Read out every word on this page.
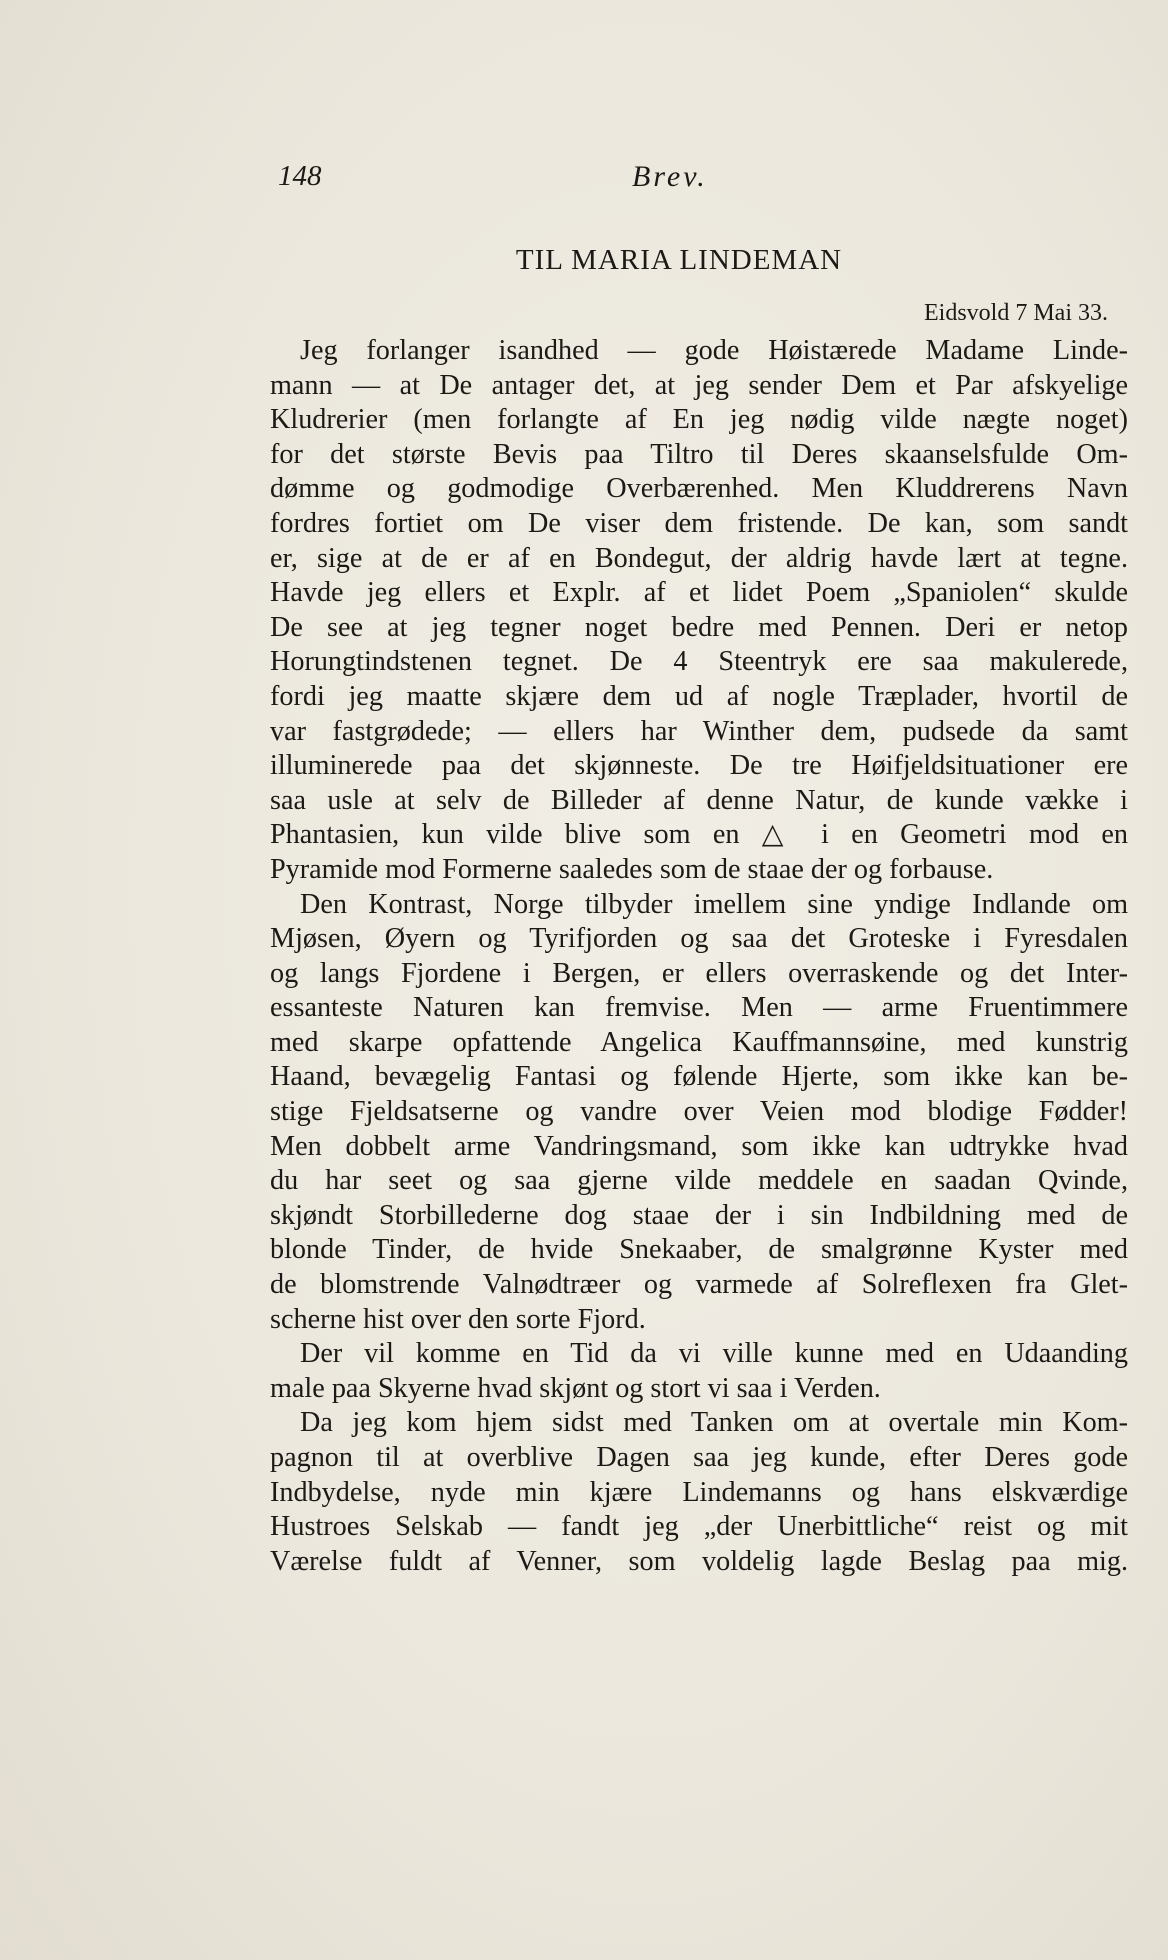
148	Brev.
TIL MARIA LINDEMAN
Eidsvold 7 Mai 33.
Jeg forlanger isandhed — gode Høistærede Madame Linde-
mann — at De antager det, at jeg sender Dem et Par afskyelige
Kludrerier (men forlangte af En jeg nødig vilde nægte noget)
for det største Bevis paa Tiltro til Deres skaanselsfulde Om-
dømme og godmodige Overbærenhed. Men Kluddrerens Navn
fordres fortiet om De viser dem fristende. De kan, som sandt
er, sige at de er af en Bondegut, der aldrig havde lært at tegne.
Havde jeg ellers et Explr. af et lidet Poem „Spaniolen“ skulde
De see at jeg tegner noget bedre med Pennen. Deri er netop
Horungtindstenen tegnet. De 4 Steentryk ere saa makulerede,
fordi jeg maatte skjære dem ud af nogle Træplader, hvortil de
var fastgrødede; — ellers har Winther dem, pudsede da samt
illuminerede paa det skjønneste. De tre Høifjeldsituationer ere
saa usle at selv de Billeder af denne Natur, de kunde vække i
Phantasien, kun vilde blive som en △ i en Geometri mod en
Pyramide mod Formerne saaledes som de staae der og forbause.
Den Kontrast, Norge tilbyder imellem sine yndige Indlande om
Mjøsen, Øyern og Tyrifjorden og saa det Groteske i Fyresdalen
og langs Fjordene i Bergen, er ellers overraskende og det Inter-
essanteste Naturen kan fremvise. Men — arme Fruentimmere
med skarpe opfattende Angelica Kauffmannsøine, med kunstrig
Haand, bevægelig Fantasi og følende Hjerte, som ikke kan be-
stige Fjeldsatserne og vandre over Veien mod blodige Fødder!
Men dobbelt arme Vandringsmand, som ikke kan udtrykke hvad
du har seet og saa gjerne vilde meddele en saadan Qvinde,
skjøndt Storbillederne dog staae der i sin Indbildning med de
blonde Tinder, de hvide Snekaaber, de smalgrønne Kyster med
de blomstrende Valnødtræer og varmede af Solreflexen fra Glet-
scherne hist over den sorte Fjord.
Der vil komme en Tid da vi ville kunne med en Udaanding
male paa Skyerne hvad skjønt og stort vi saa i Verden.
Da jeg kom hjem sidst med Tanken om at overtale min Kom-
pagnon til at overblive Dagen saa jeg kunde, efter Deres gode
Indbydelse, nyde min kjære Lindemanns og hans elskværdige
Hustroes Selskab — fandt jeg „der Unerbittliche“ reist og mit
Værelse fuldt af Venner, som voldelig lagde Beslag paa mig.
